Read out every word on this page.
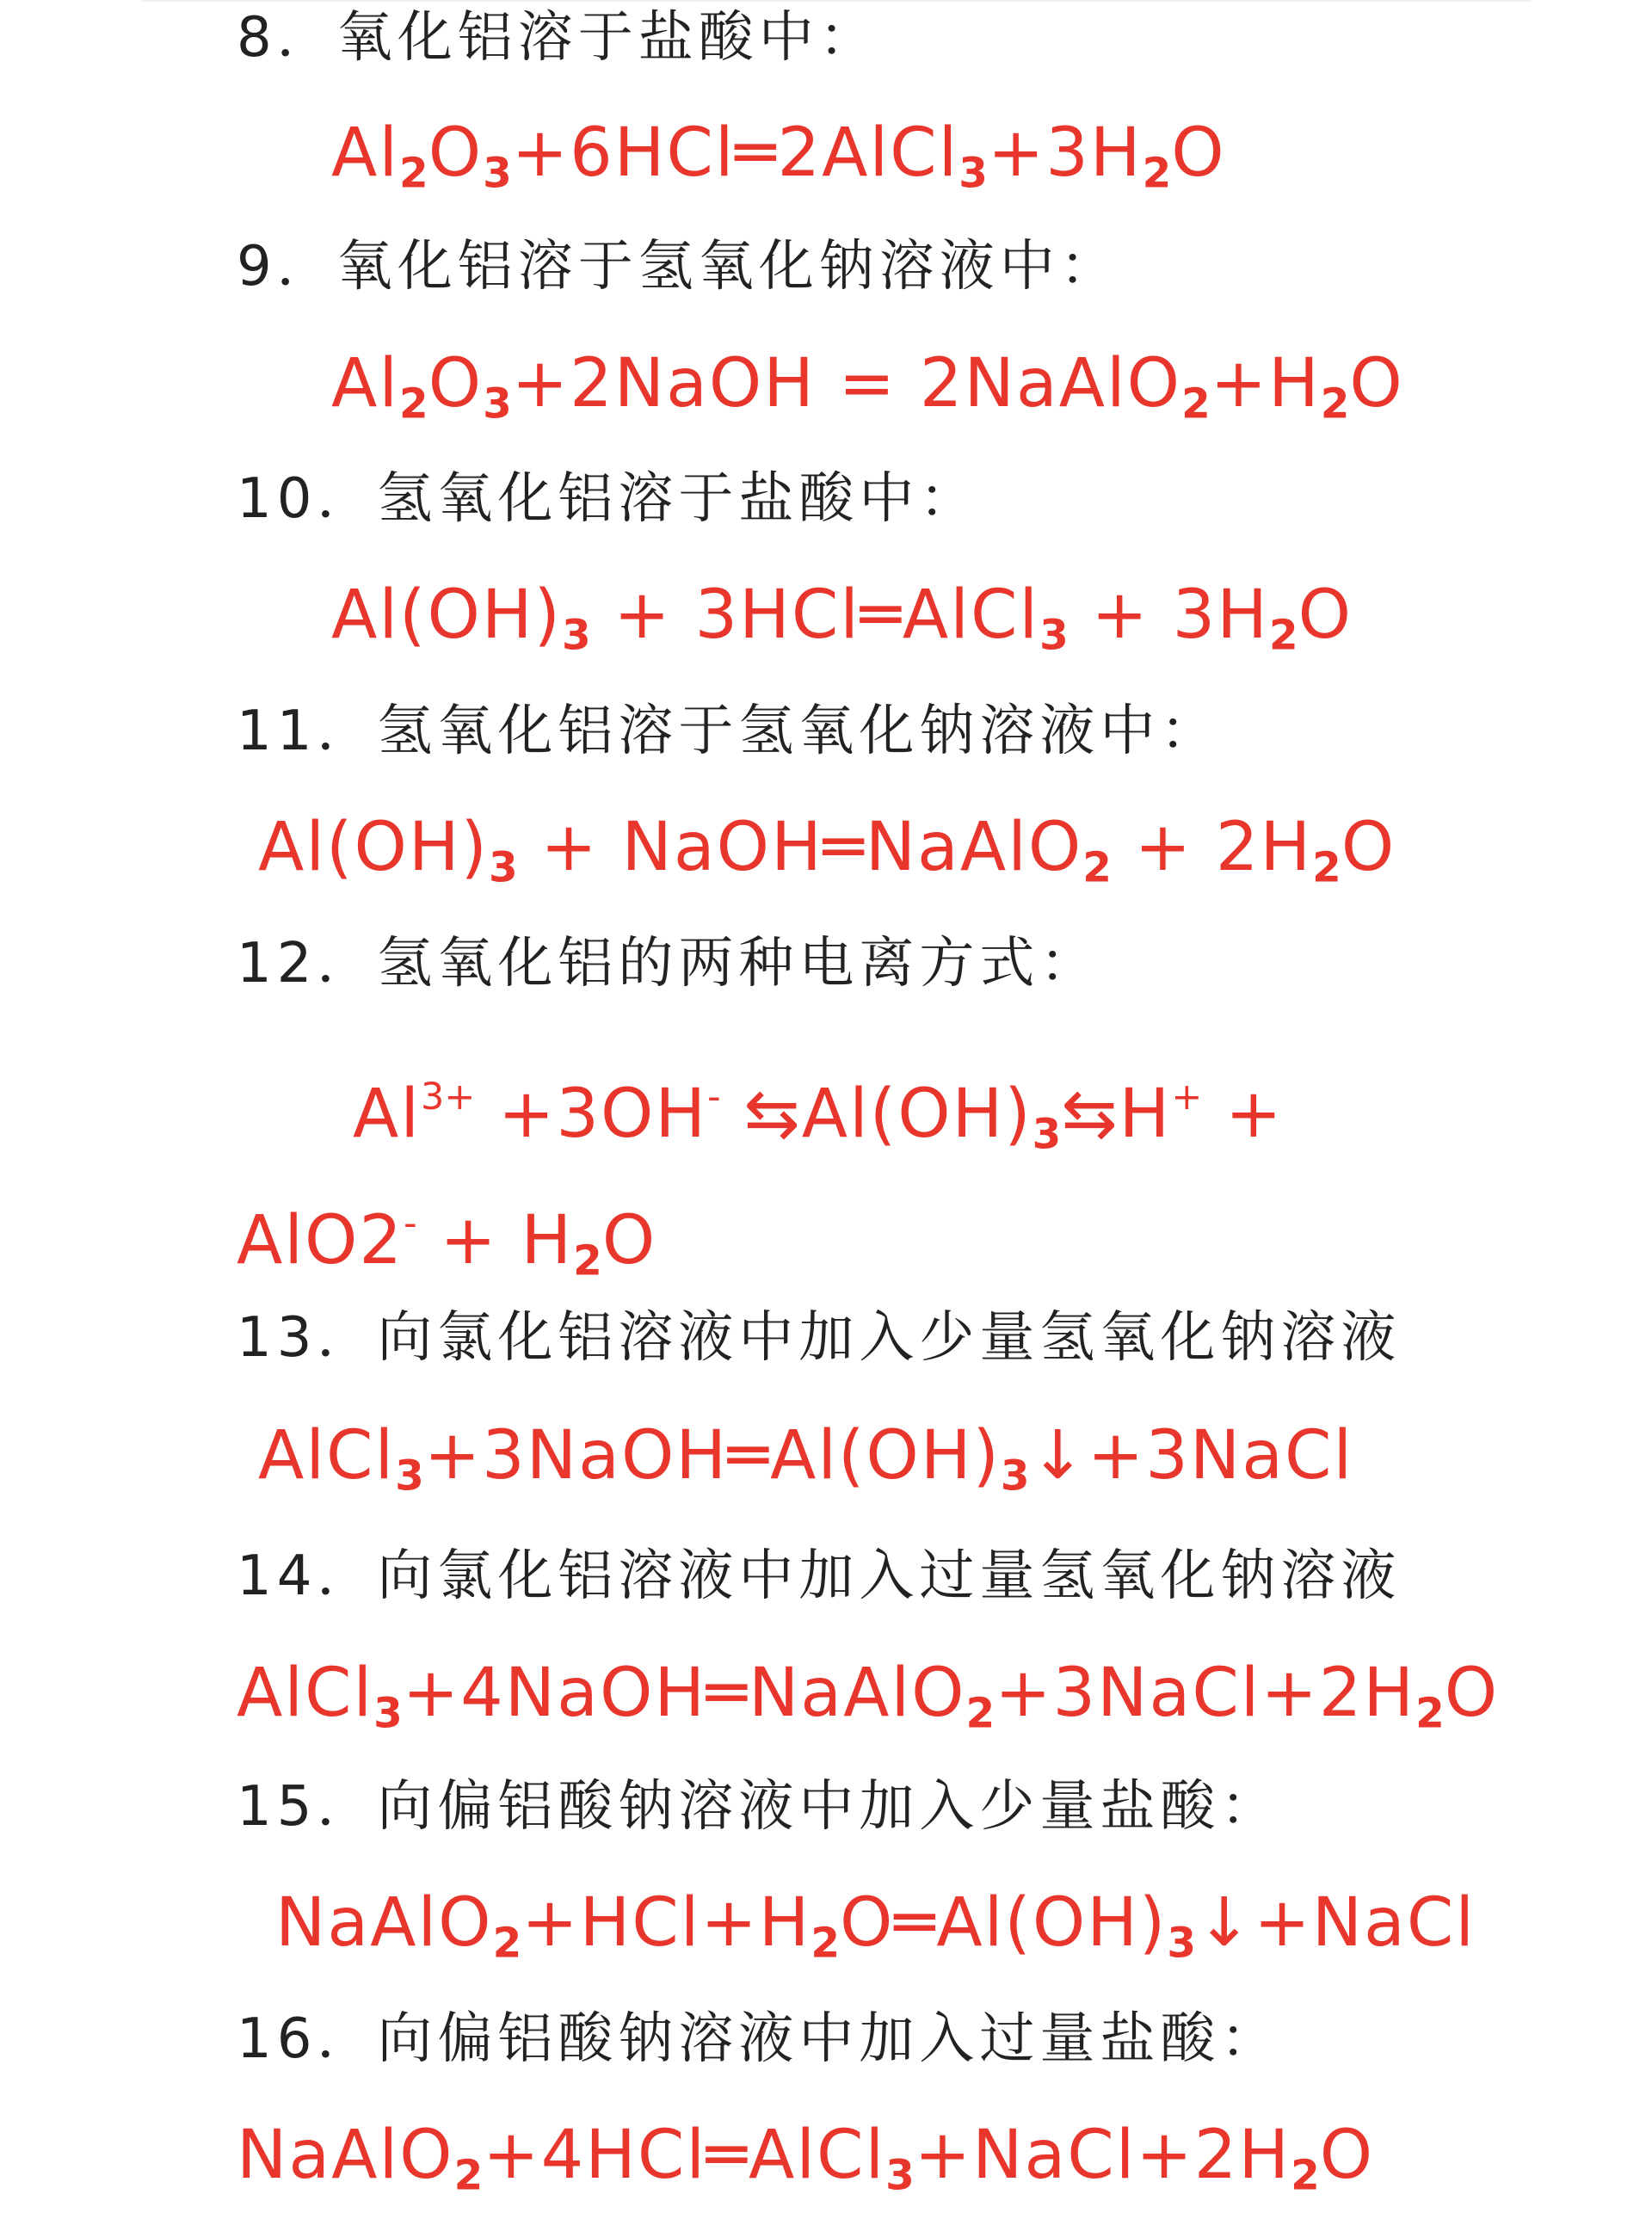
8．氧化铝溶于盐酸中：
$Al_2O_3+6HCl═2AlCl_3+3H_2O$
9．氧化铝溶于氢氧化钠溶液中：
$Al_2O_3+2NaOH$ = $2NaAlO_2+H_2O$
10．氢氧化铝溶于盐酸中：
$Al(OH)_3$ + 3HCl═AlCl$_3$ + $3H_2O$
11．氢氧化铝溶于氢氧化钠溶液中：
$Al(OH)_3$ + NaOH═NaAlO$_2$ + $2H_2O$
12．氢氧化铝的两种电离方式：
$Al^{3+} +3OH^-$ $⇆Al(OH)_3⇆H^+$ +
$AlO2^- + H_2O$
13．向氯化铝溶液中加入少量氢氧化钠溶液
$AlCl_3+3NaOH═Al(OH)_3↓+3NaCl$
14．向氯化铝溶液中加入过量氢氧化钠溶液
$AlCl_3+4NaOH═NaAlO_2+3NaCl+2H_2O$
15．向偏铝酸钠溶液中加入少量盐酸：
$NaAlO_2+HCl+H_2O═Al(OH)_3↓+NaCl$
16．向偏铝酸钠溶液中加入过量盐酸：
$NaAlO_2+4HCl═AlCl_3+NaCl+2H_2O$
